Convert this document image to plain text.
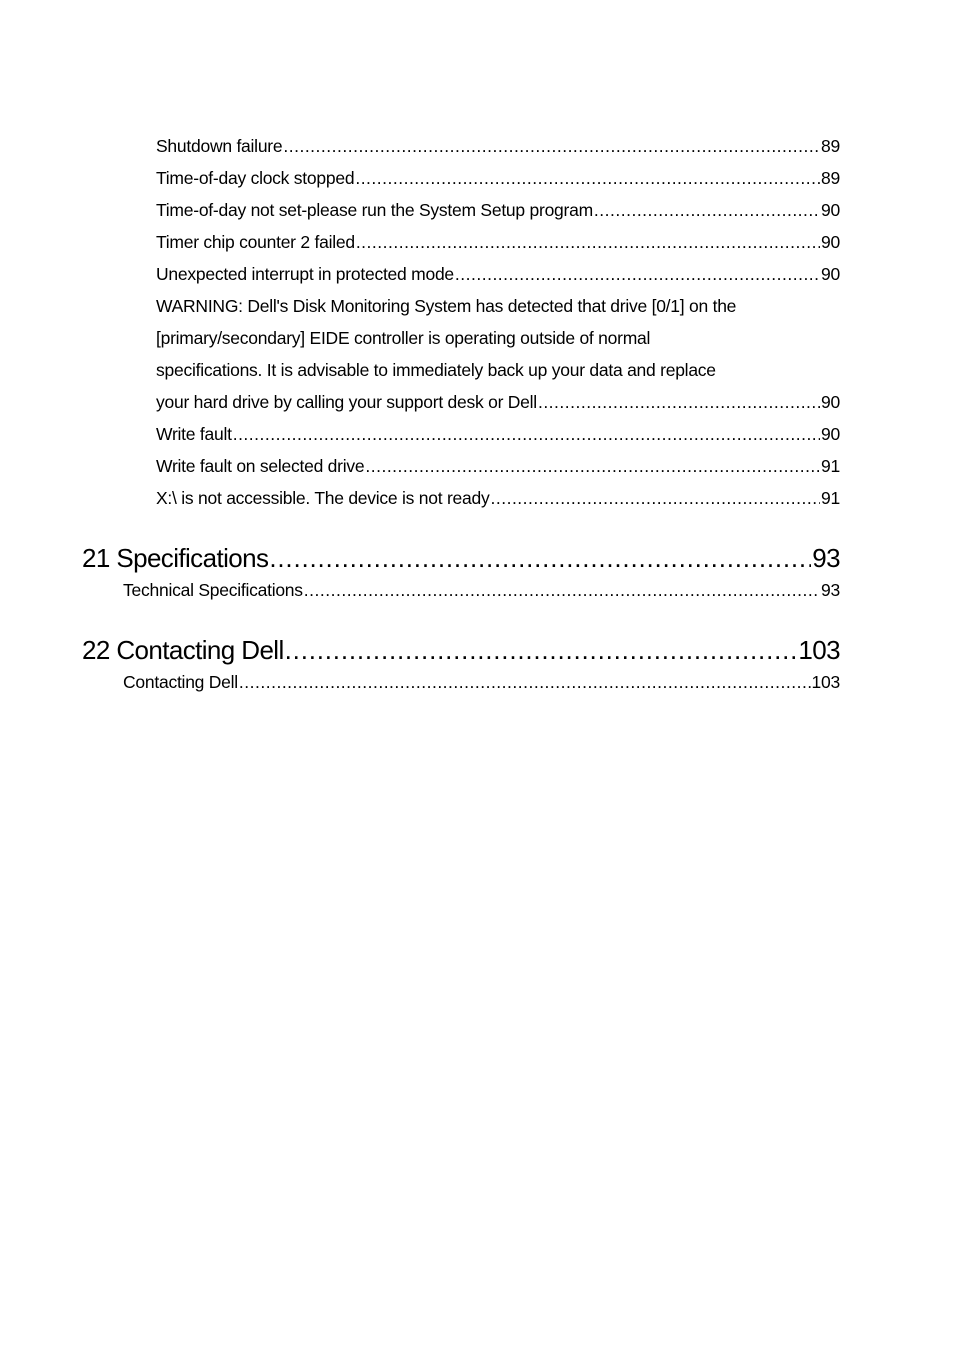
Shutdown failure .....	89
Time-of-day clock stopped .....	89
Time-of-day not set-please run the System Setup program .....	90
Timer chip counter 2 failed .....	90
Unexpected interrupt in protected mode .....	90
WARNING: Dell's Disk Monitoring System has detected that drive [0/1] on the
[primary/secondary] EIDE controller is operating outside of normal
specifications. It is advisable to immediately back up your data and replace
your hard drive by calling your support desk or Dell .....	90
Write fault .....	90
Write fault on selected drive .....	91
X:\ is not accessible. The device is not ready .....	91
21 Specifications .....	93
Technical Specifications .....	93
22 Contacting Dell .....	103
Contacting Dell .....	103
